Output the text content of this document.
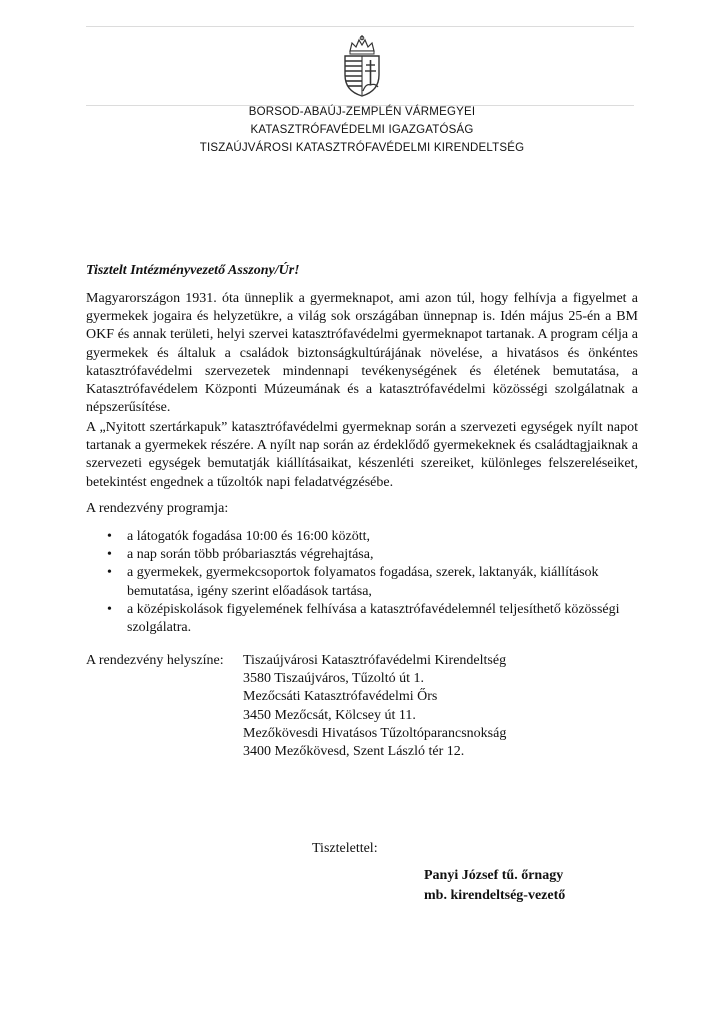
BORSOD-ABAÚJ-ZEMPLÉN VÁRMEGYEI
KATASZTRÓFAVÉDELMI IGAZGATÓSÁG
TISZAÚJVÁROSI KATASZTRÓFAVÉDELMI KIRENDELTSÉG
Tisztelt Intézményvezető Asszony/Úr!

Magyarországon 1931. óta ünneplik a gyermeknapot, ami azon túl, hogy felhívja a figyelmet a gyermekek jogaira és helyzetükre, a világ sok országában ünnepnap is. Idén május 25-én a BM OKF és annak területi, helyi szervei katasztrófavédelmi gyermeknapot tartanak. A program célja a gyermekek és általuk a családok biztonságkultúrájának növelése, a hivatásos és önkéntes katasztrófavédelmi szervezetek mindennapi tevékenységének és életének bemutatása, a Katasztrófavédelem Központi Múzeumának és a katasztrófavédelmi közösségi szolgálatnak a népszerűsítése.

A „Nyitott szertárkapuk” katasztrófavédelmi gyermeknap során a szervezeti egységek nyílt napot tartanak a gyermekek részére. A nyílt nap során az érdeklődő gyermekeknek és családtagjaiknak a szervezeti egységek bemutatják kiállításaikat, készenléti szereiket, különleges felszereléseiket, betekintést engednek a tűzoltók napi feladatvégzésébe.

A rendezvény programja:

• a látogatók fogadása 10:00 és 16:00 között,
• a nap során több próbariasztás végrehajtása,
• a gyermekek, gyermekcsoportok folyamatos fogadása, szerek, laktanyák, kiállítások bemutatása, igény szerint előadások tartása,
• a középiskolások figyelemének felhívása a katasztrófavédelemnél teljesíthető közösségi szolgálatra.
A rendezvény helyszíne: Tiszaújvárosi Katasztrófavédelmi Kirendeltség
3580 Tiszaújváros, Tűzoltó út 1.
Mezőcsáti Katasztrófavédelmi Őrs
3450 Mezőcsát, Kölcsey út 11.
Mezőkövesdi Hivatásos Tűzoltóparancsnokság
3400 Mezőkövesd, Szent László tér 12.
Tisztelettel:
Panyi József tű. őrnagy
mb. kirendeltség-vezető
